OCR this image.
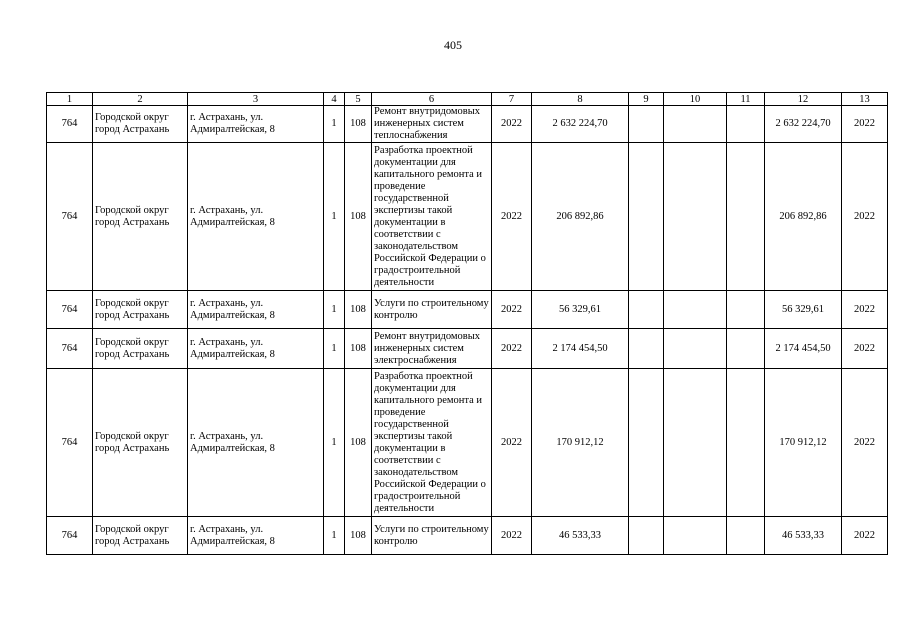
405
1	2	3	4	5	6	7	8	9	10	11	12	13
764	Городской округ город Астрахань	г. Астрахань, ул. Адмиралтейская, 8	1	108	Ремонт внутридомовых инженерных систем теплоснабжения	2022	2 632 224,70				2 632 224,70	2022
764	Городской округ город Астрахань	г. Астрахань, ул. Адмиралтейская, 8	1	108	Разработка проектной документации для капитального ремонта и проведение государственной экспертизы такой документации в соответствии с законодательством Российской Федерации о градостроительной деятельности	2022	206 892,86				206 892,86	2022
764	Городской округ город Астрахань	г. Астрахань, ул. Адмиралтейская, 8	1	108	Услуги по строительному контролю	2022	56 329,61				56 329,61	2022
764	Городской округ город Астрахань	г. Астрахань, ул. Адмиралтейская, 8	1	108	Ремонт внутридомовых инженерных систем электроснабжения	2022	2 174 454,50				2 174 454,50	2022
764	Городской округ город Астрахань	г. Астрахань, ул. Адмиралтейская, 8	1	108	Разработка проектной документации для капитального ремонта и проведение государственной экспертизы такой документации в соответствии с законодательством Российской Федерации о градостроительной деятельности	2022	170 912,12				170 912,12	2022
764	Городской округ город Астрахань	г. Астрахань, ул. Адмиралтейская, 8	1	108	Услуги по строительному контролю	2022	46 533,33				46 533,33	2022
